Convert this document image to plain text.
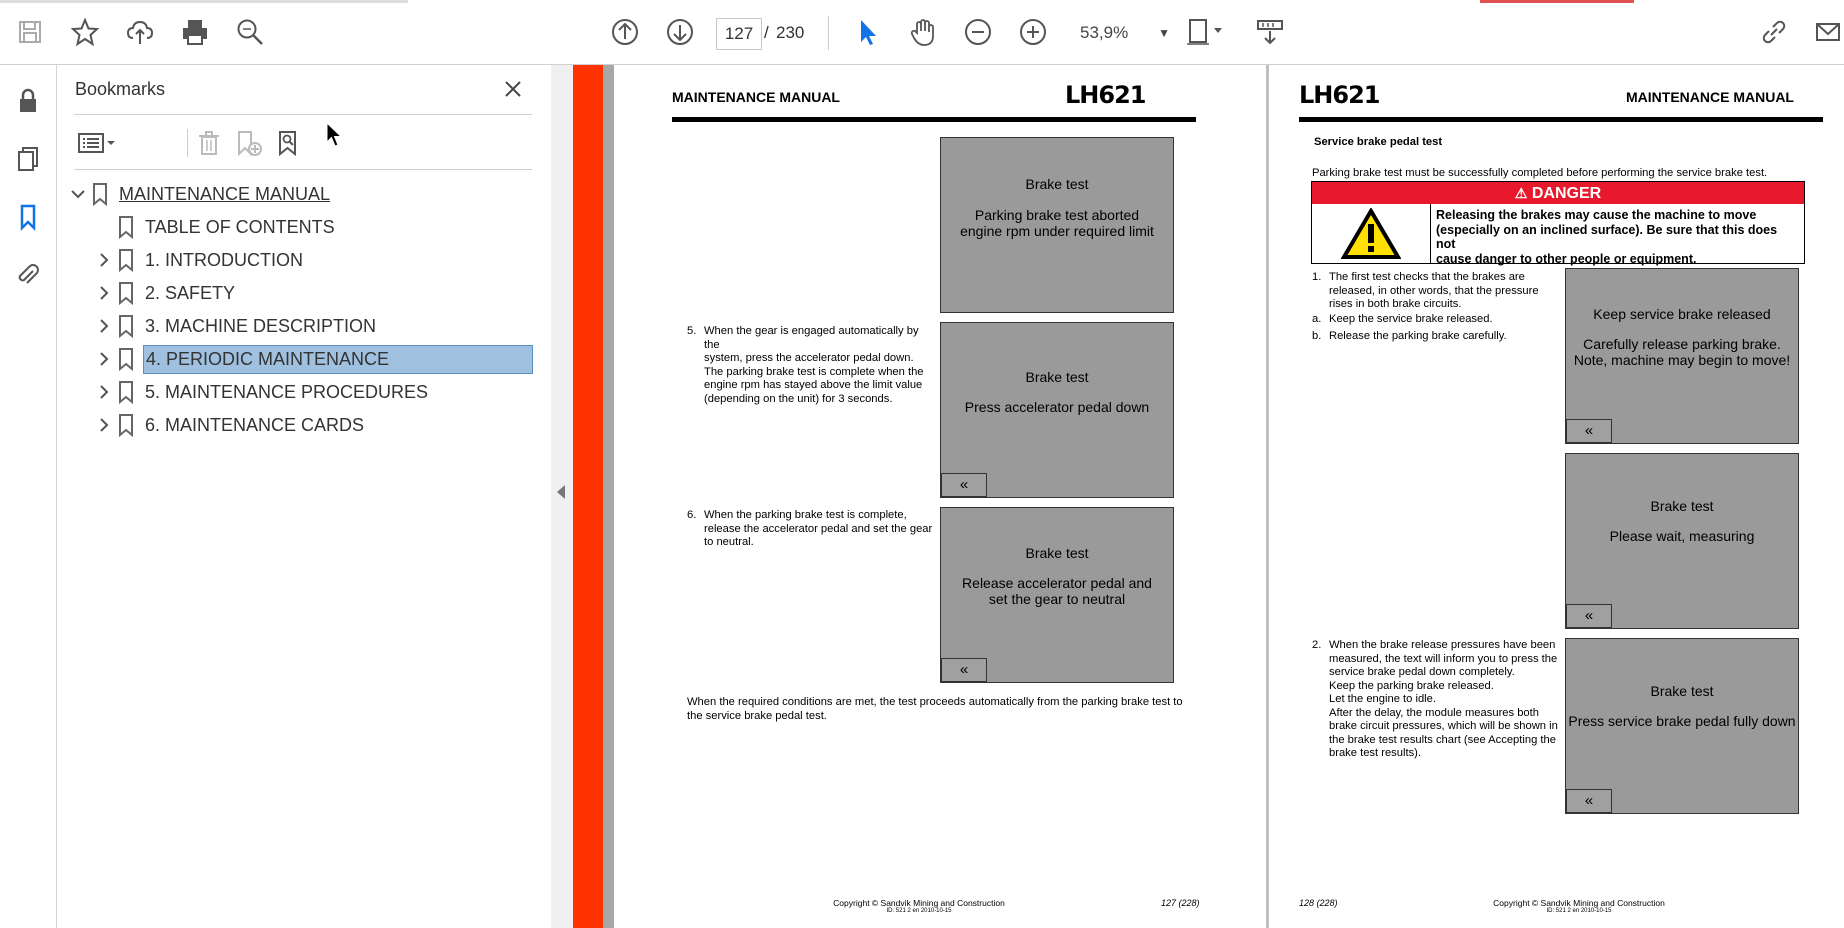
127 / 230	53,9% ▼
Bookmarks
MAINTENANCE MANUAL
TABLE OF CONTENTS
1. INTRODUCTION
2. SAFETY
3. MACHINE DESCRIPTION
4. PERIODIC MAINTENANCE
5. MAINTENANCE PROCEDURES
6. MAINTENANCE CARDS
MAINTENANCE MANUAL	LH621
Brake test
Parking brake test aborted
engine rpm under required limit
5. When the gear is engaged automatically by the
system, press the accelerator pedal down.
The parking brake test is complete when the
engine rpm has stayed above the limit value
(depending on the unit) for 3 seconds.
Brake test
Press accelerator pedal down
«
6. When the parking brake test is complete,
release the accelerator pedal and set the gear
to neutral.
Brake test
Release accelerator pedal and
set the gear to neutral
«
When the required conditions are met, the test proceeds automatically from the parking brake test to
the service brake pedal test.
Copyright © Sandvik Mining and Construction
ID: 521 2 en 2010-10-15
127 (228)
LH621	MAINTENANCE MANUAL
Service brake pedal test
Parking brake test must be successfully completed before performing the service brake test.
⚠ DANGER
Releasing the brakes may cause the machine to move
(especially on an inclined surface). Be sure that this does not
cause danger to other people or equipment.
1. The first test checks that the brakes are
released, in other words, that the pressure
rises in both brake circuits.
a. Keep the service brake released.
b. Release the parking brake carefully.
Keep service brake released
Carefully release parking brake.
Note, machine may begin to move!
«
Brake test
Please wait, measuring
«
2. When the brake release pressures have been
measured, the text will inform you to press the
service brake pedal down completely.
Keep the parking brake released.
Let the engine to idle.
After the delay, the module measures both
brake circuit pressures, which will be shown in
the brake test results chart (see Accepting the
brake test results).
Brake test
Press service brake pedal fully down
«
128 (228)	Copyright © Sandvik Mining and Construction
ID: 521 2 en 2010-10-15
